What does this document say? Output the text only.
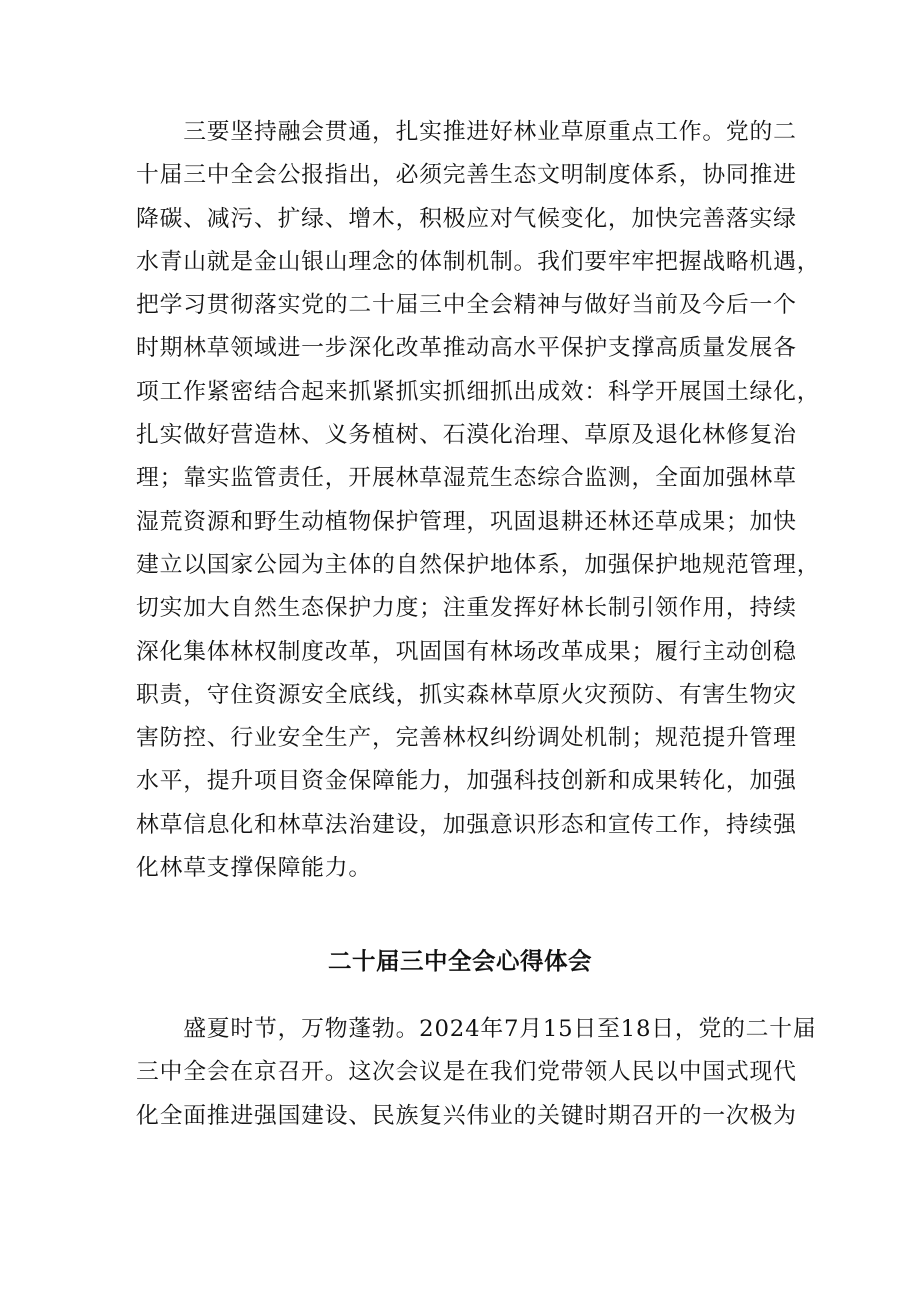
　　三要坚持融会贯通，扎实推进好林业草原重点工作。党的二
十届三中全会公报指出，必须完善生态文明制度体系，协同推进
降碳、减污、扩绿、增木，积极应对气候变化，加快完善落实绿
水青山就是金山银山理念的体制机制。我们要牢牢把握战略机遇，
把学习贯彻落实党的二十届三中全会精神与做好当前及今后一个
时期林草领域进一步深化改革推动高水平保护支撑高质量发展各
项工作紧密结合起来抓紧抓实抓细抓出成效：科学开展国土绿化，
扎实做好营造林、义务植树、石漠化治理、草原及退化林修复治
理；靠实监管责任，开展林草湿荒生态综合监测，全面加强林草
湿荒资源和野生动植物保护管理，巩固退耕还林还草成果；加快
建立以国家公园为主体的自然保护地体系，加强保护地规范管理，
切实加大自然生态保护力度；注重发挥好林长制引领作用，持续
深化集体林权制度改革，巩固国有林场改革成果；履行主动创稳
职责，守住资源安全底线，抓实森林草原火灾预防、有害生物灾
害防控、行业安全生产，完善林权纠纷调处机制；规范提升管理
水平，提升项目资金保障能力，加强科技创新和成果转化，加强
林草信息化和林草法治建设，加强意识形态和宣传工作，持续强
化林草支撑保障能力。
二十届三中全会心得体会
　　盛夏时节，万物蓬勃。2024年7月15日至18日，党的二十届
三中全会在京召开。这次会议是在我们党带领人民以中国式现代
化全面推进强国建设、民族复兴伟业的关键时期召开的一次极为
